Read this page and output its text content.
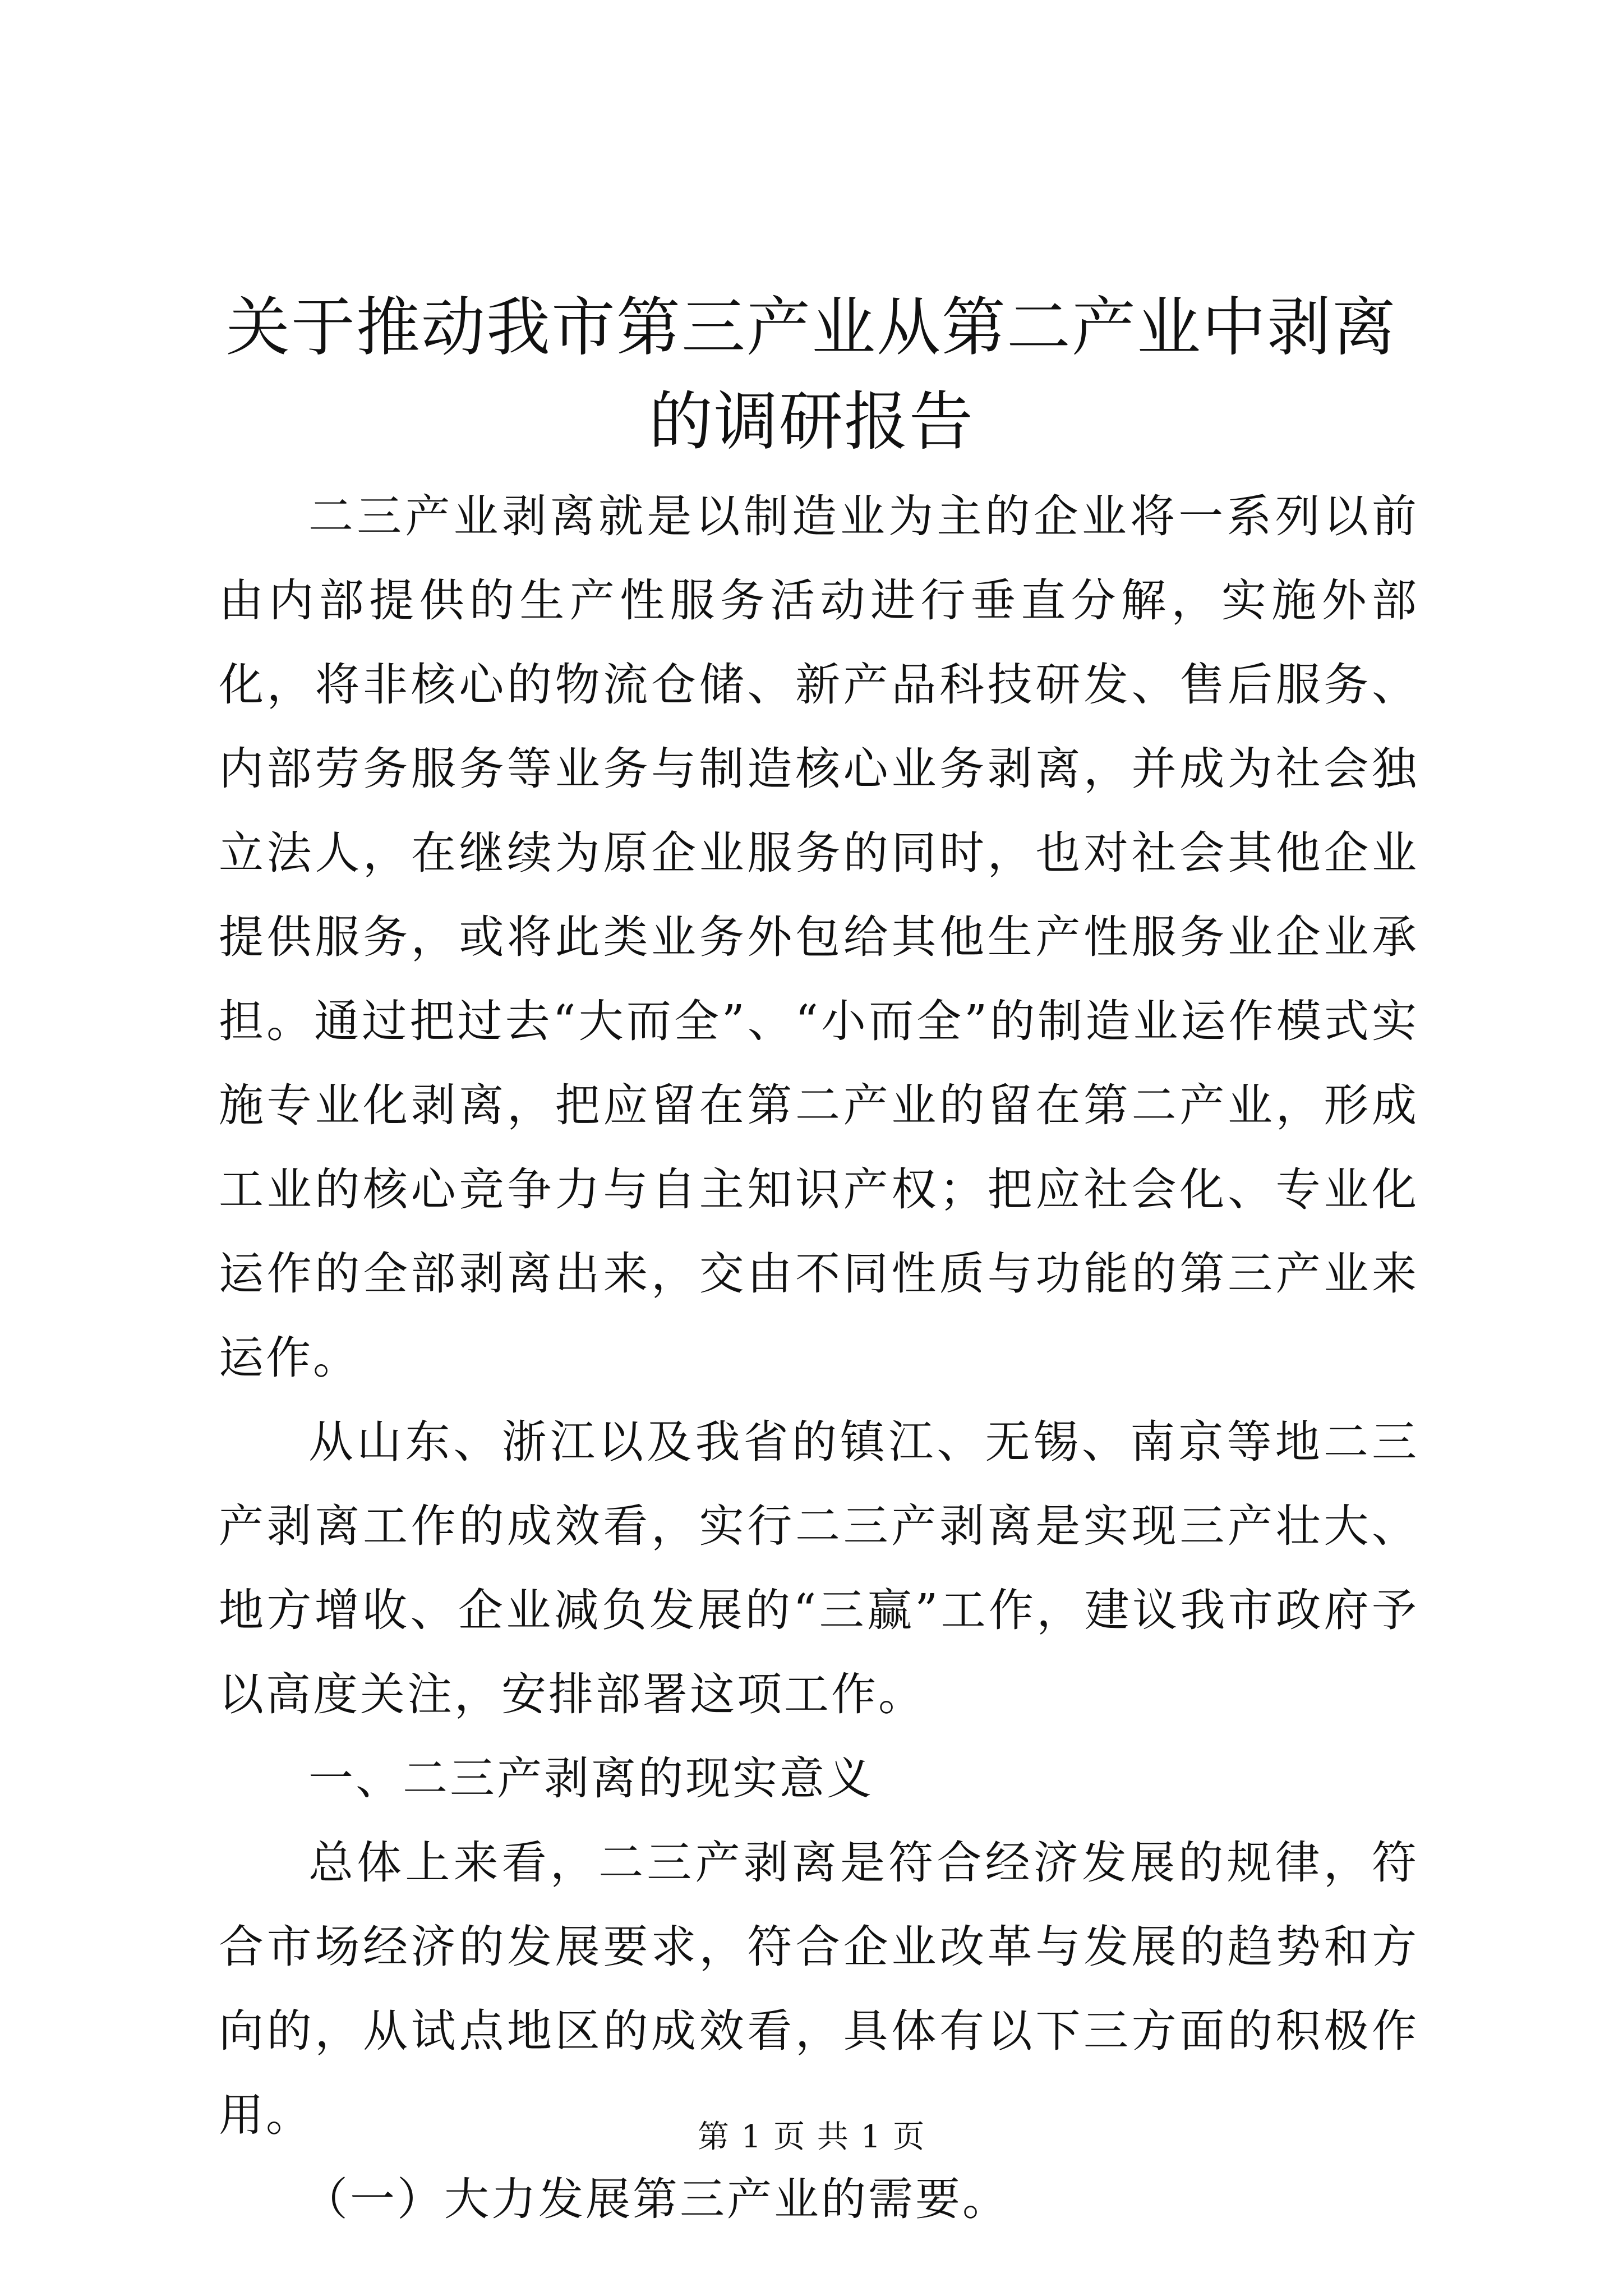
关于推动我市第三产业从第二产业中剥离的调研报告

二三产业剥离就是以制造业为主的企业将一系列以前由内部提供的生产性服务活动进行垂直分解，实施外部化，将非核心的物流仓储、新产品科技研发、售后服务、内部劳务服务等业务与制造核心业务剥离，并成为社会独立法人，在继续为原企业服务的同时，也对社会其他企业提供服务，或将此类业务外包给其他生产性服务业企业承担。通过把过去“大而全”、“小而全”的制造业运作模式实施专业化剥离，把应留在第二产业的留在第二产业，形成工业的核心竞争力与自主知识产权；把应社会化、专业化运作的全部剥离出来，交由不同性质与功能的第三产业来运作。

从山东、浙江以及我省的镇江、无锡、南京等地二三产剥离工作的成效看，实行二三产剥离是实现三产壮大、地方增收、企业减负发展的“三赢”工作，建议我市政府予以高度关注，安排部署这项工作。

一、二三产剥离的现实意义

总体上来看，二三产剥离是符合经济发展的规律，符合市场经济的发展要求，符合企业改革与发展的趋势和方向的，从试点地区的成效看，具体有以下三方面的积极作用。

（一）大力发展第三产业的需要。

第 1 页 共 1 页
